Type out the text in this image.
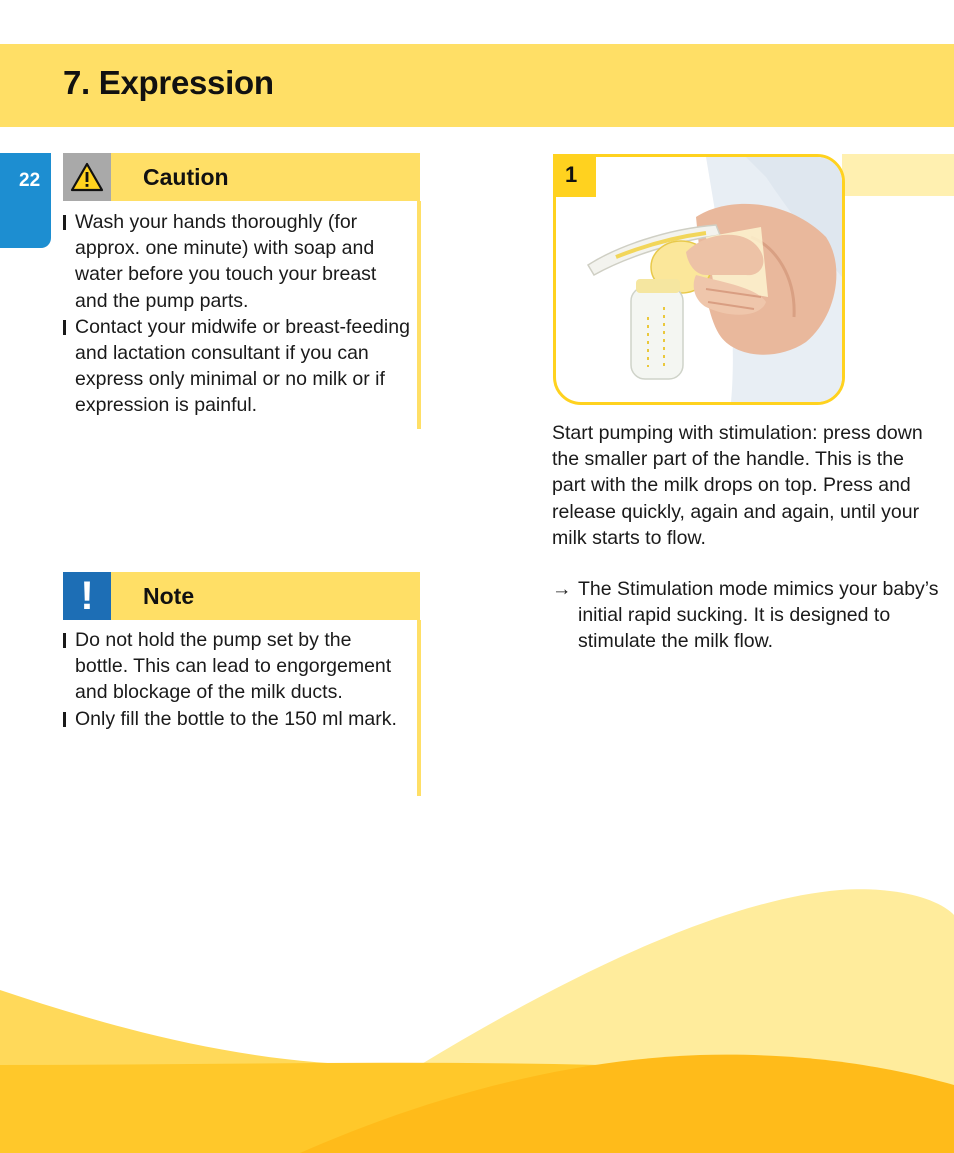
7. Expression
22	Caution
Wash your hands thoroughly (for approx. one minute) with soap and water before you touch your breast and the pump parts.
Contact your midwife or breast-feeding and lactation consultant if you can express only minimal or no milk or if expression is painful.
!	Note
Do not hold the pump set by the bottle. This can lead to engorgement and blockage of the milk ducts.
Only fill the bottle to the 150 ml mark.
1

Start pumping with stimulation: press down the smaller part of the handle. This is the part with the milk drops on top. Press and release quickly, again and again, until your milk starts to flow.

→ The Stimulation mode mimics your baby’s initial rapid sucking. It is designed to stimulate the milk flow.
